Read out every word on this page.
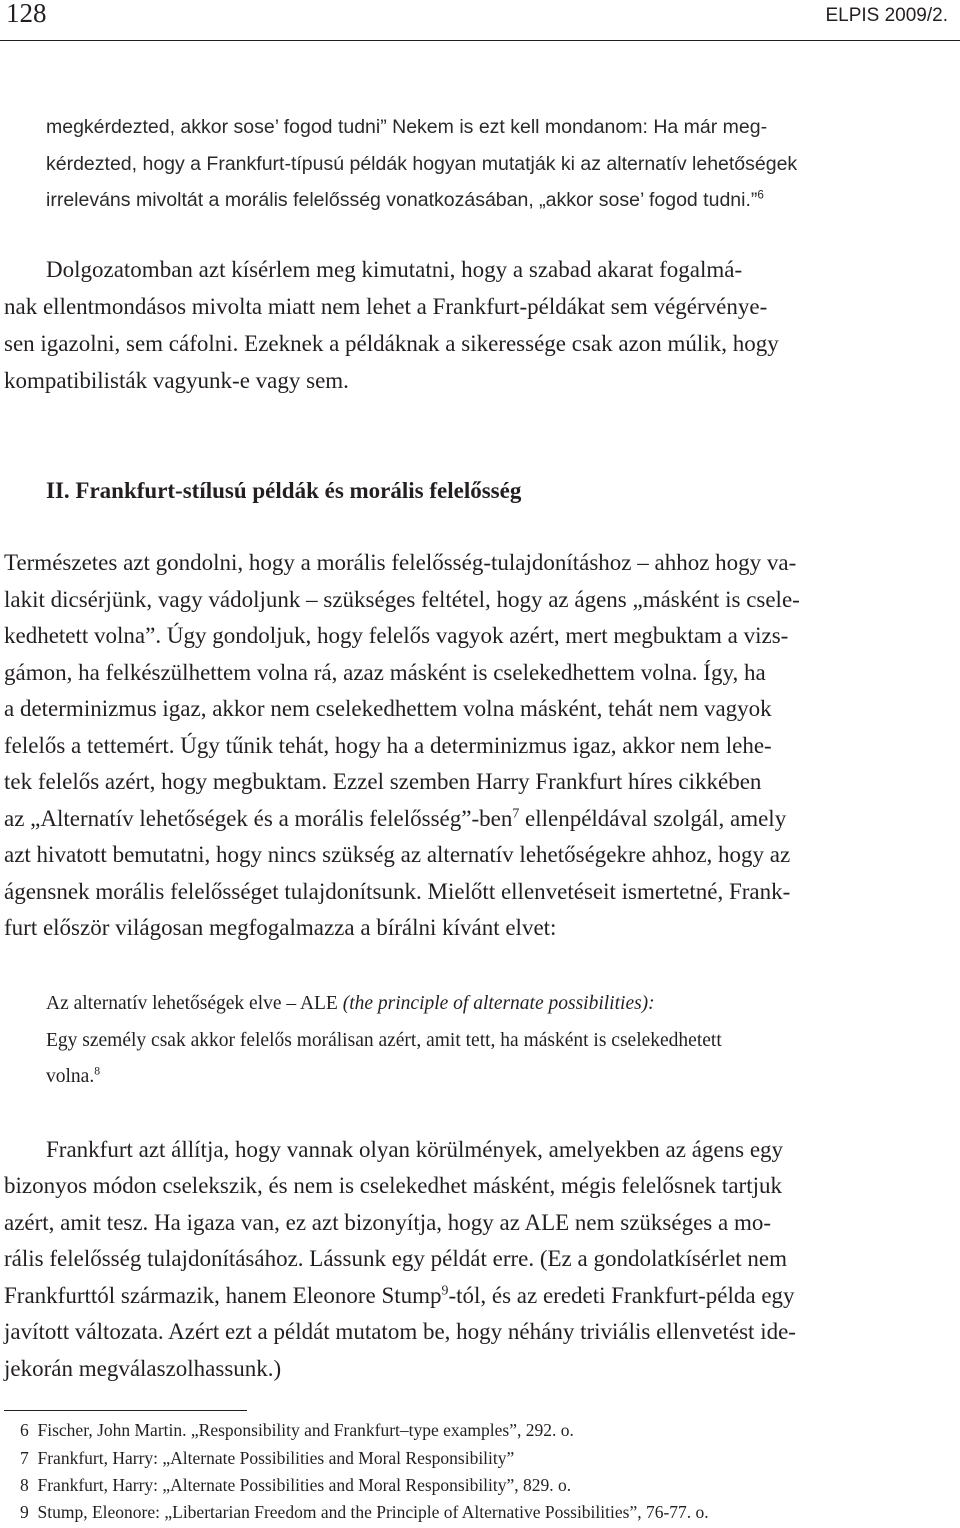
128	ELPIS 2009/2.
megkérdezted, akkor sose’ fogod tudni” Nekem is ezt kell mondanom: Ha már meg-
kérdezted, hogy a Frankfurt-típusú példák hogyan mutatják ki az alternatív lehetőségek
irreleváns mivoltát a morális felelősség vonatkozásában, „akkor sose’ fogod tudni.”$^6$
Dolgozatomban azt kísérlem meg kimutatni, hogy a szabad akarat fogalmá-
nak ellentmondásos mivolta miatt nem lehet a Frankfurt-példákat sem végérvénye-
sen igazolni, sem cáfolni. Ezeknek a példáknak a sikeressége csak azon múlik, hogy
kompatibilisták vagyunk-e vagy sem.
II. Frankfurt-stílusú példák és morális felelősség
Természetes azt gondolni, hogy a morális felelősség-tulajdonításhoz – ahhoz hogy va-
lakit dicsérjünk, vagy vádoljunk – szükséges feltétel, hogy az ágens „másként is csele-
kedhetett volna”. Úgy gondoljuk, hogy felelős vagyok azért, mert megbuktam a vizs-
gámon, ha felkészülhettem volna rá, azaz másként is cselekedhettem volna. Így, ha
a determinizmus igaz, akkor nem cselekedhettem volna másként, tehát nem vagyok
felelős a tettemért. Úgy tűnik tehát, hogy ha a determinizmus igaz, akkor nem lehe-
tek felelős azért, hogy megbuktam. Ezzel szemben Harry Frankfurt híres cikkében
az „Alternatív lehetőségek és a morális felelősség”-ben$^7$ ellenpéldával szolgál, amely
azt hivatott bemutatni, hogy nincs szükség az alternatív lehetőségekre ahhoz, hogy az
ágensnek morális felelősséget tulajdonítsunk. Mielőtt ellenvetéseit ismertetné, Frank-
furt először világosan megfogalmazza a bírálni kívánt elvet:
Az alternatív lehetőségek elve – ALE (the principle of alternate possibilities):
Egy személy csak akkor felelős morálisan azért, amit tett, ha másként is cselekedhetett
volna.$^8$
Frankfurt azt állítja, hogy vannak olyan körülmények, amelyekben az ágens egy
bizonyos módon cselekszik, és nem is cselekedhet másként, mégis felelősnek tartjuk
azért, amit tesz. Ha igaza van, ez azt bizonyítja, hogy az ALE nem szükséges a mo-
rális felelősség tulajdonításához. Lássunk egy példát erre. (Ez a gondolatkísérlet nem
Frankfurttól származik, hanem Eleonore Stump$^9$-tól, és az eredeti Frankfurt-példa egy
javított változata. Azért ezt a példát mutatom be, hogy néhány triviális ellenvetést ide-
jekorán megválaszolhassunk.)
6 Fischer, John Martin. „Responsibility and Frankfurt–type examples”, 292. o.
7 Frankfurt, Harry: „Alternate Possibilities and Moral Responsibility”
8 Frankfurt, Harry: „Alternate Possibilities and Moral Responsibility”, 829. o.
9 Stump, Eleonore: „Libertarian Freedom and the Principle of Alternative Possibilities”, 76-77. o.
